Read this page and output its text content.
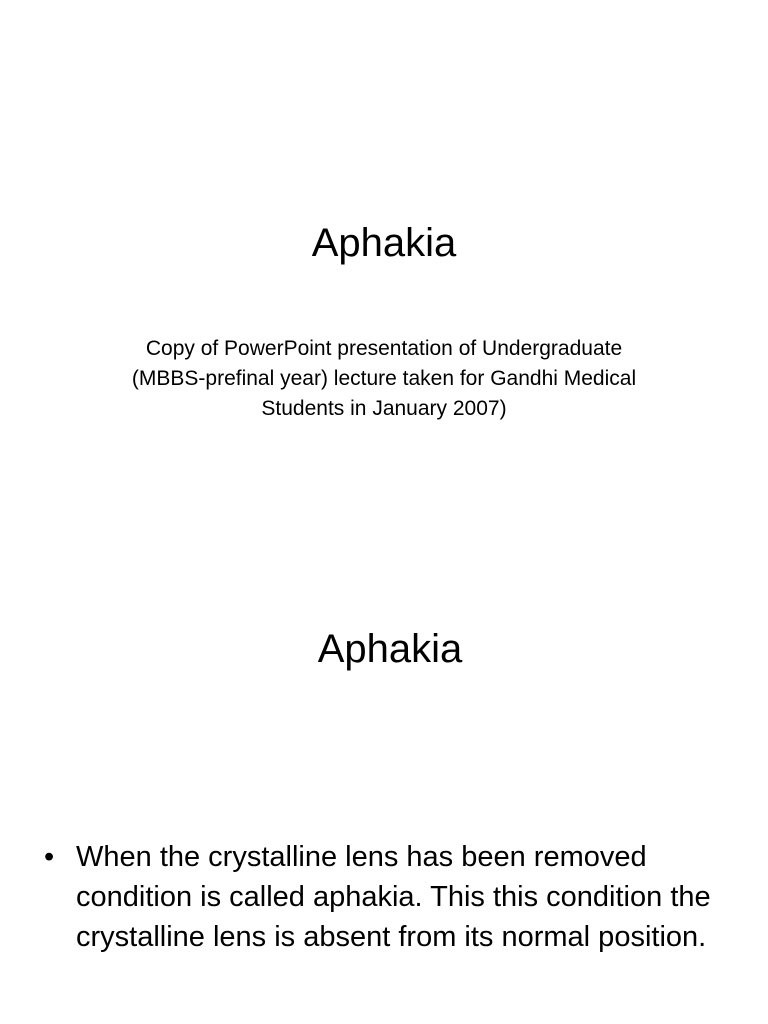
Aphakia

Copy of PowerPoint presentation of Undergraduate (MBBS-prefinal year) lecture taken for Gandhi Medical Students in January 2007)

Aphakia
• When the crystalline lens has been removed condition is called aphakia. This this condition the crystalline lens is absent from its normal position.
